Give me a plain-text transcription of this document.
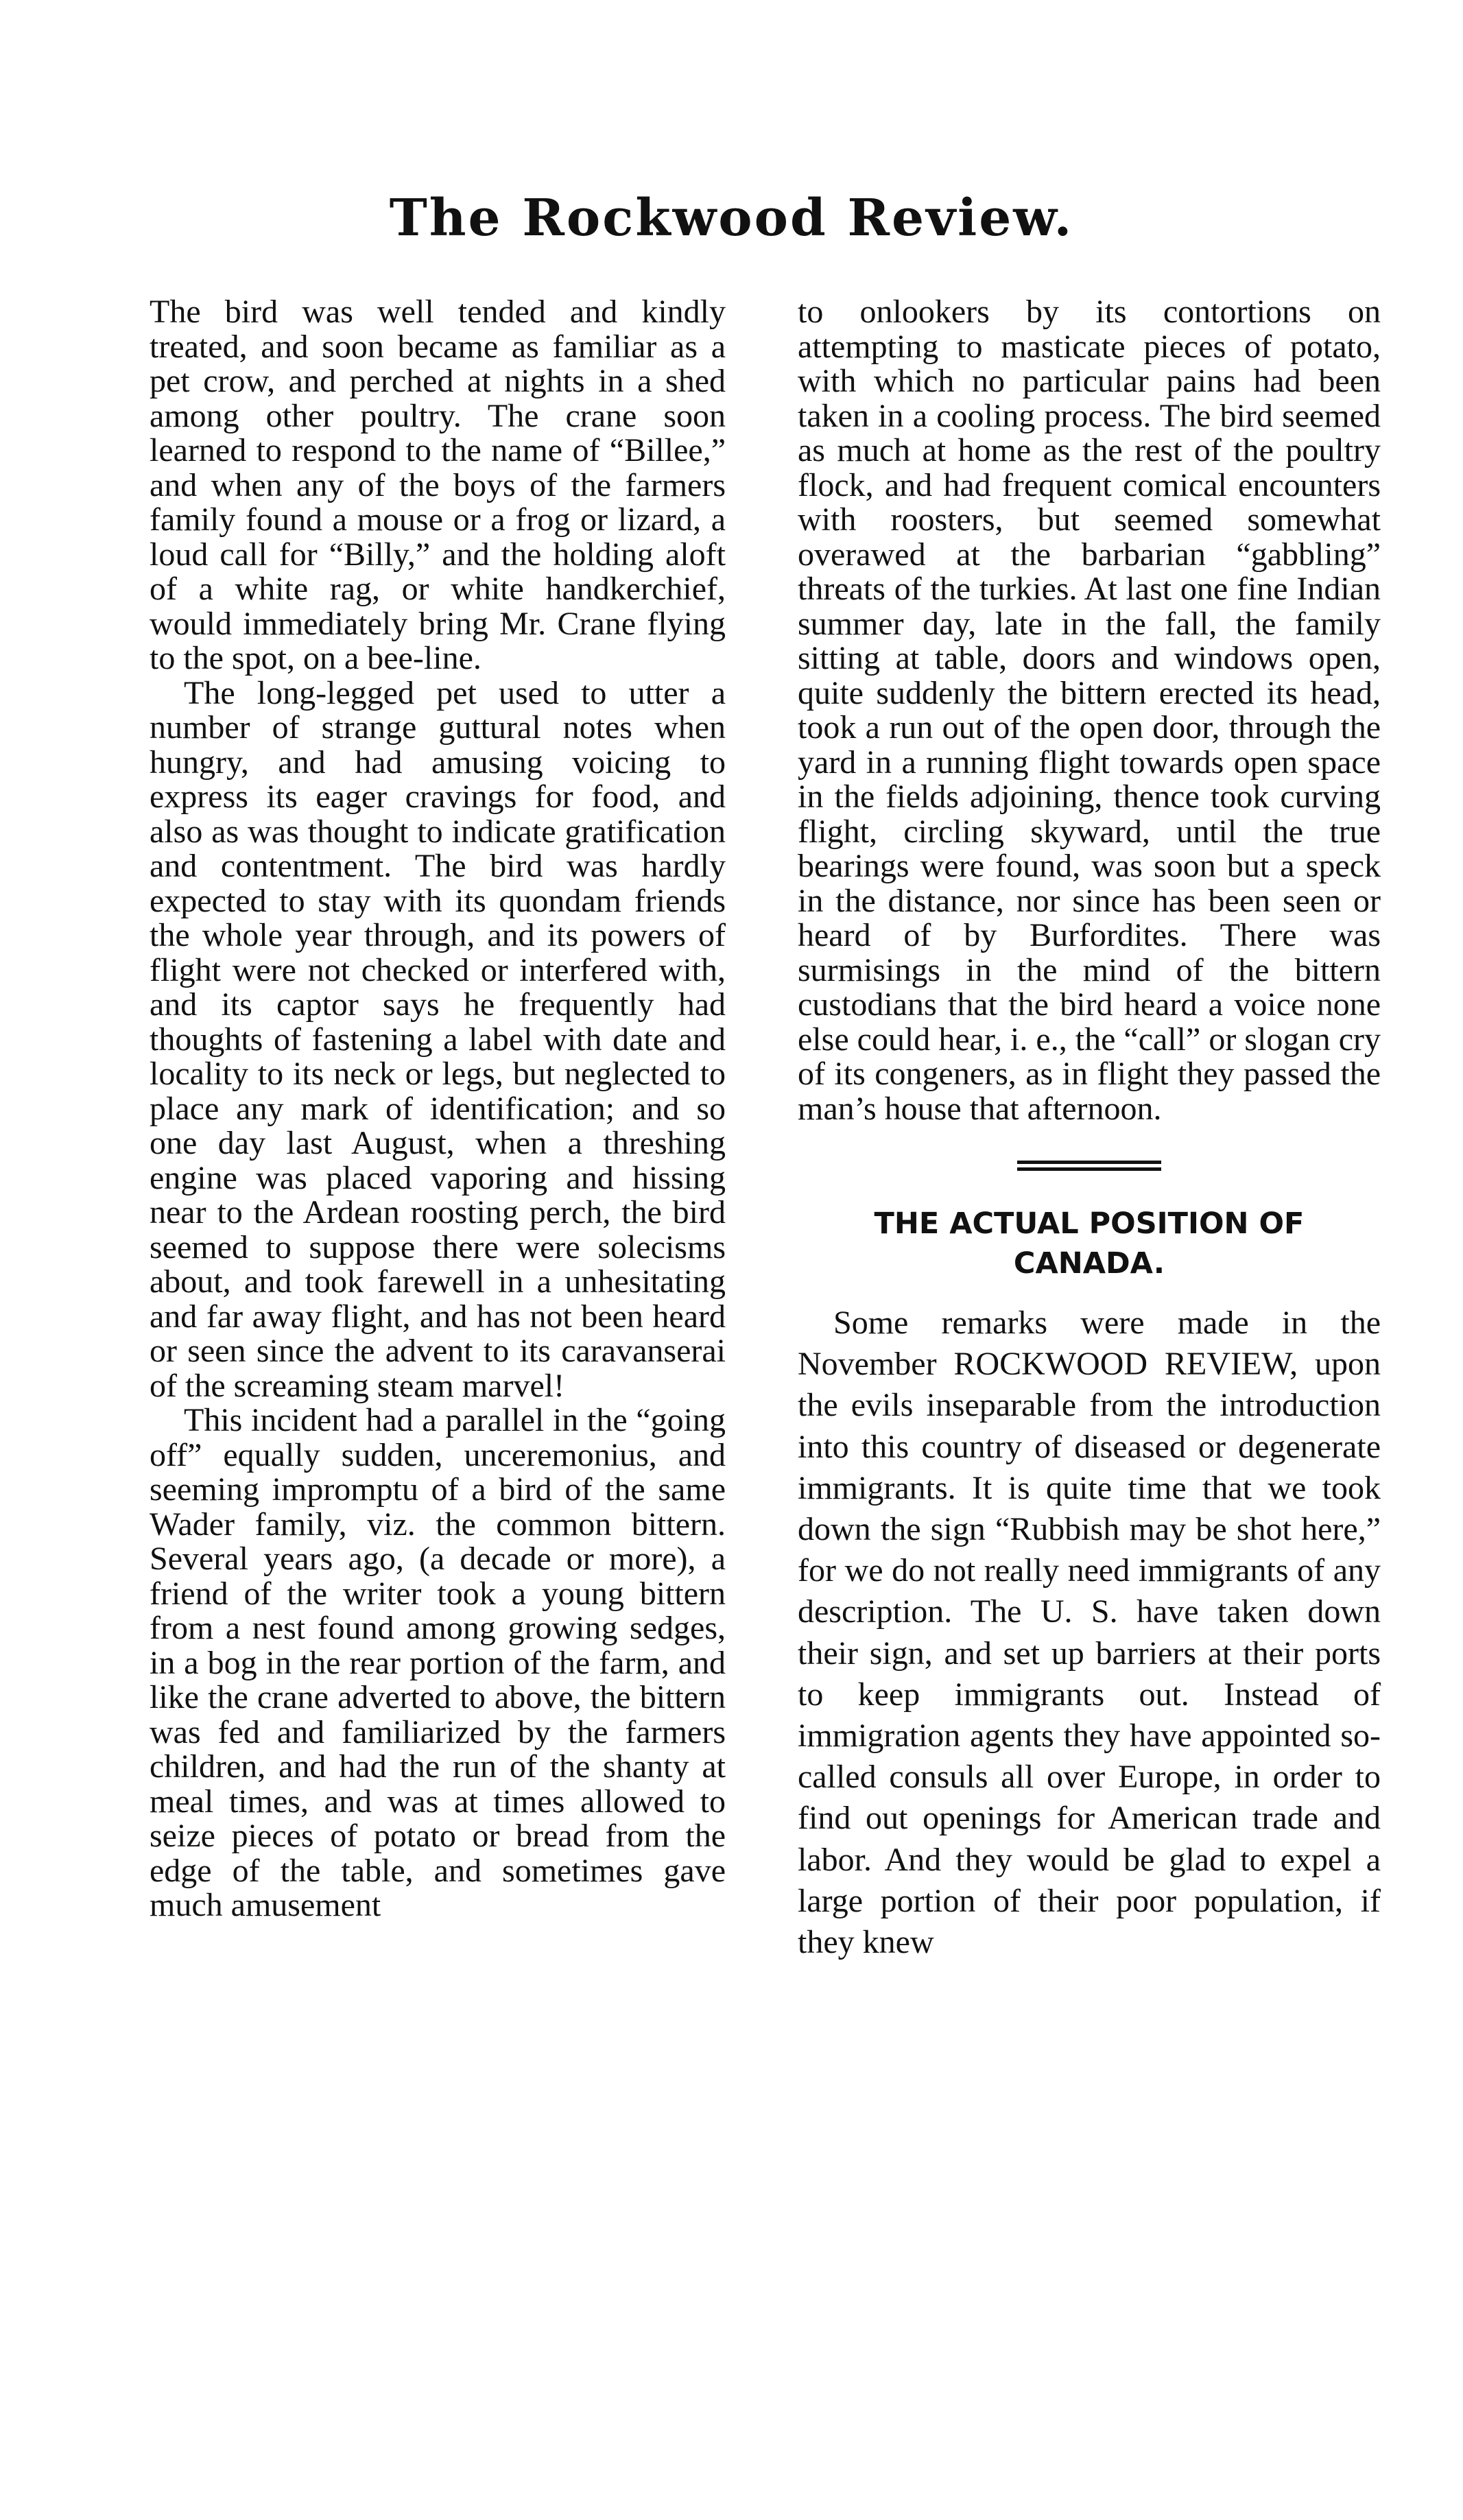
The Rockwood Review.

The bird was well tended and kindly treated, and soon became as familiar as a pet crow, and perched at nights in a shed among other poultry. The crane soon learned to respond to the name of “Billee,” and when any of the boys of the farmers family found a mouse or a frog or lizard, a loud call for “Billy,” and the holding aloft of a white rag, or white handkerchief, would immediately bring Mr. Crane flying to the spot, on a bee-line.

The long-legged pet used to utter a number of strange guttural notes when hungry, and had amusing voicing to express its eager cravings for food, and also as was thought to indicate gratification and contentment. The bird was hardly expected to stay with its quondam friends the whole year through, and its powers of flight were not checked or interfered with, and its captor says he frequently had thoughts of fastening a label with date and locality to its neck or legs, but neglected to place any mark of identification; and so one day last August, when a threshing engine was placed vaporing and hissing near to the Ardean roosting perch, the bird seemed to suppose there were solecisms about, and took farewell in a unhesitating and far away flight, and has not been heard or seen since the advent to its caravanserai of the screaming steam marvel!

This incident had a parallel in the “going off” equally sudden, unceremonius, and seeming impromptu of a bird of the same Wader family, viz. the common bittern. Several years ago, (a decade or more), a friend of the writer took a young bittern from a nest found among growing sedges, in a bog in the rear portion of the farm, and like the crane adverted to above, the bittern was fed and familiarized by the farmers children, and had the run of the shanty at meal times, and was at times allowed to seize pieces of potato or bread from the edge of the table, and sometimes gave much amusement

to onlookers by its contortions on attempting to masticate pieces of potato, with which no particular pains had been taken in a cooling process. The bird seemed as much at home as the rest of the poultry flock, and had frequent comical encounters with roosters, but seemed somewhat overawed at the barbarian “gabbling” threats of the turkies. At last one fine Indian summer day, late in the fall, the family sitting at table, doors and windows open, quite suddenly the bittern erected its head, took a run out of the open door, through the yard in a running flight towards open space in the fields adjoining, thence took curving flight, circling skyward, until the true bearings were found, was soon but a speck in the distance, nor since has been seen or heard of by Burfordites. There was surmisings in the mind of the bittern custodians that the bird heard a voice none else could hear, i. e., the “call” or slogan cry of its congeners, as in flight they passed the man’s house that afternoon.

THE ACTUAL POSITION OF
CANADA.

Some remarks were made in the November ROCKWOOD REVIEW, upon the evils inseparable from the introduction into this country of diseased or degenerate immigrants. It is quite time that we took down the sign “Rubbish may be shot here,” for we do not really need immigrants of any description. The U. S. have taken down their sign, and set up barriers at their ports to keep immigrants out. Instead of immigration agents they have appointed so-called consuls all over Europe, in order to find out openings for American trade and labor. And they would be glad to expel a large portion of their poor population, if they knew
